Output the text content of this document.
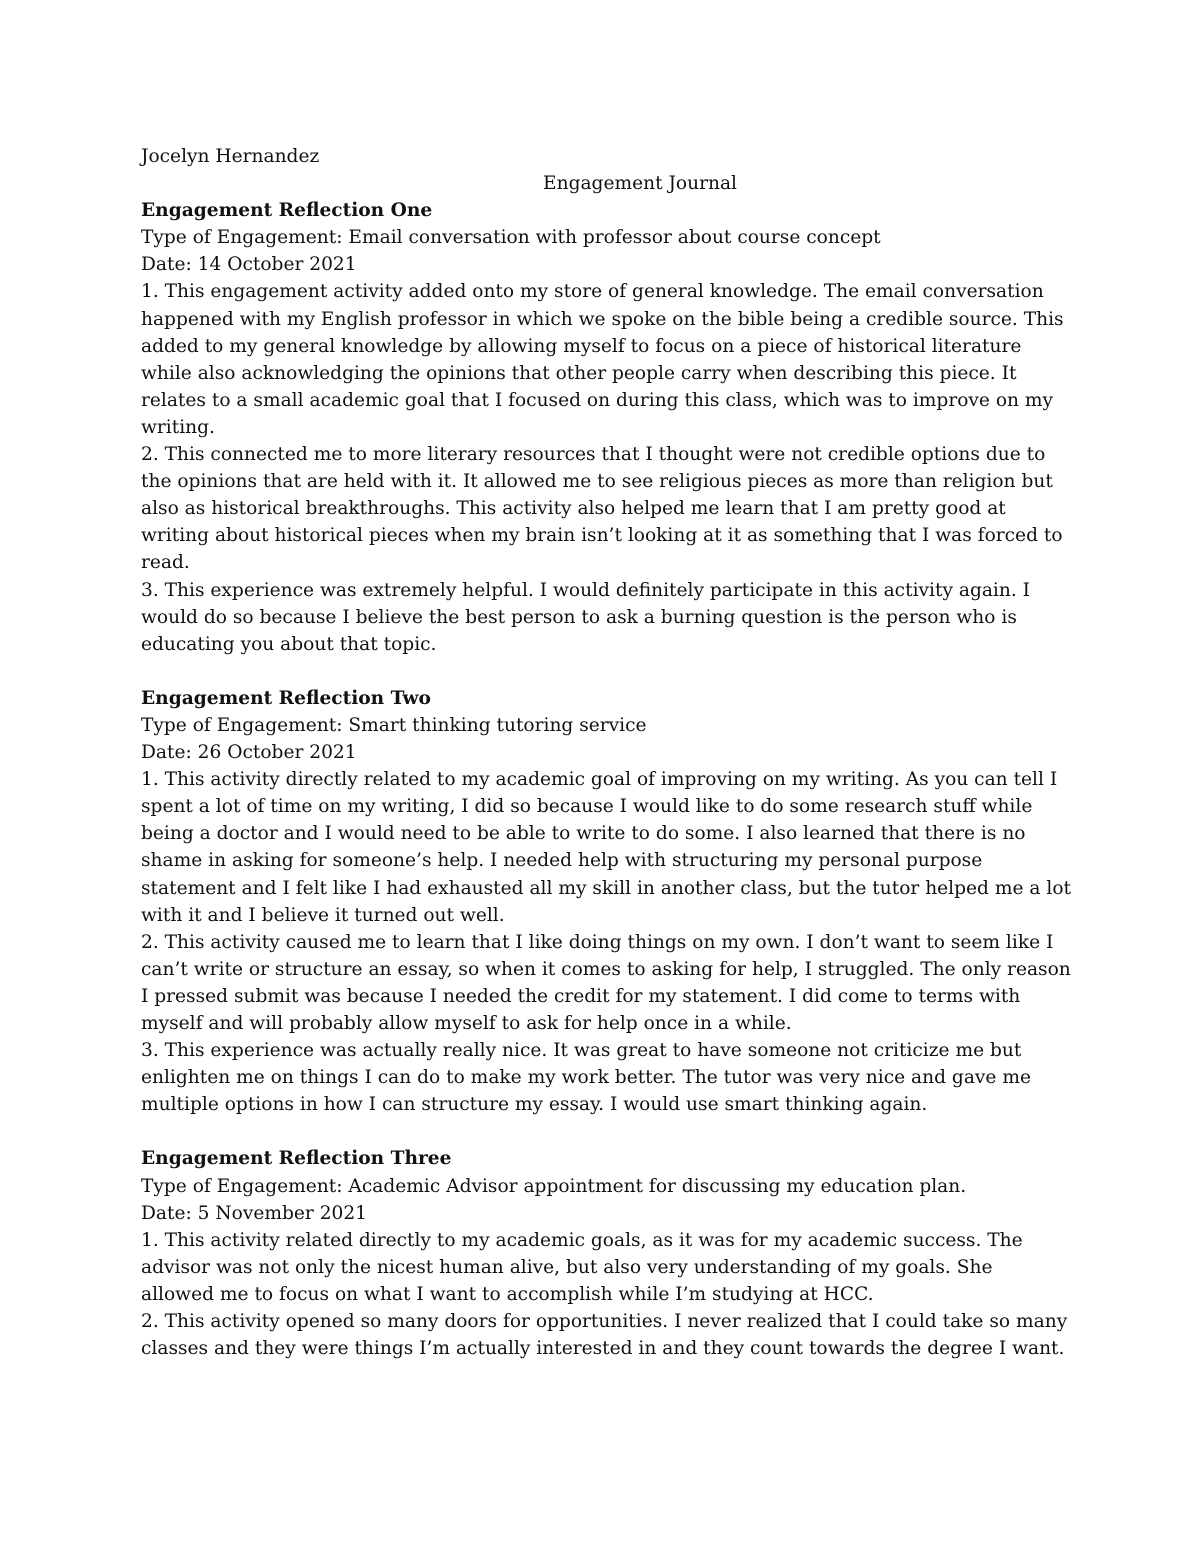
Jocelyn Hernandez

Engagement Journal
Engagement Reflection One

Type of Engagement: Email conversation with professor about course concept

Date: 14 October 2021

1. This engagement activity added onto my store of general knowledge. The email conversation happened with my English professor in which we spoke on the bible being a credible source. This added to my general knowledge by allowing myself to focus on a piece of historical literature while also acknowledging the opinions that other people carry when describing this piece. It relates to a small academic goal that I focused on during this class, which was to improve on my writing.

2. This connected me to more literary resources that I thought were not credible options due to the opinions that are held with it. It allowed me to see religious pieces as more than religion but also as historical breakthroughs. This activity also helped me learn that I am pretty good at writing about historical pieces when my brain isn’t looking at it as something that I was forced to read.

3. This experience was extremely helpful. I would definitely participate in this activity again. I would do so because I believe the best person to ask a burning question is the person who is educating you about that topic.

Engagement Reflection Two

Type of Engagement: Smart thinking tutoring service

Date: 26 October 2021

1. This activity directly related to my academic goal of improving on my writing. As you can tell I spent a lot of time on my writing, I did so because I would like to do some research stuff while being a doctor and I would need to be able to write to do some. I also learned that there is no shame in asking for someone’s help. I needed help with structuring my personal purpose statement and I felt like I had exhausted all my skill in another class, but the tutor helped me a lot with it and I believe it turned out well.

2. This activity caused me to learn that I like doing things on my own. I don’t want to seem like I can’t write or structure an essay, so when it comes to asking for help, I struggled. The only reason I pressed submit was because I needed the credit for my statement. I did come to terms with myself and will probably allow myself to ask for help once in a while.

3. This experience was actually really nice. It was great to have someone not criticize me but enlighten me on things I can do to make my work better. The tutor was very nice and gave me multiple options in how I can structure my essay. I would use smart thinking again.

Engagement Reflection Three

Type of Engagement: Academic Advisor appointment for discussing my education plan.

Date: 5 November 2021

1. This activity related directly to my academic goals, as it was for my academic success. The advisor was not only the nicest human alive, but also very understanding of my goals. She allowed me to focus on what I want to accomplish while I’m studying at HCC.

2. This activity opened so many doors for opportunities. I never realized that I could take so many classes and they were things I’m actually interested in and they count towards the degree I want.
